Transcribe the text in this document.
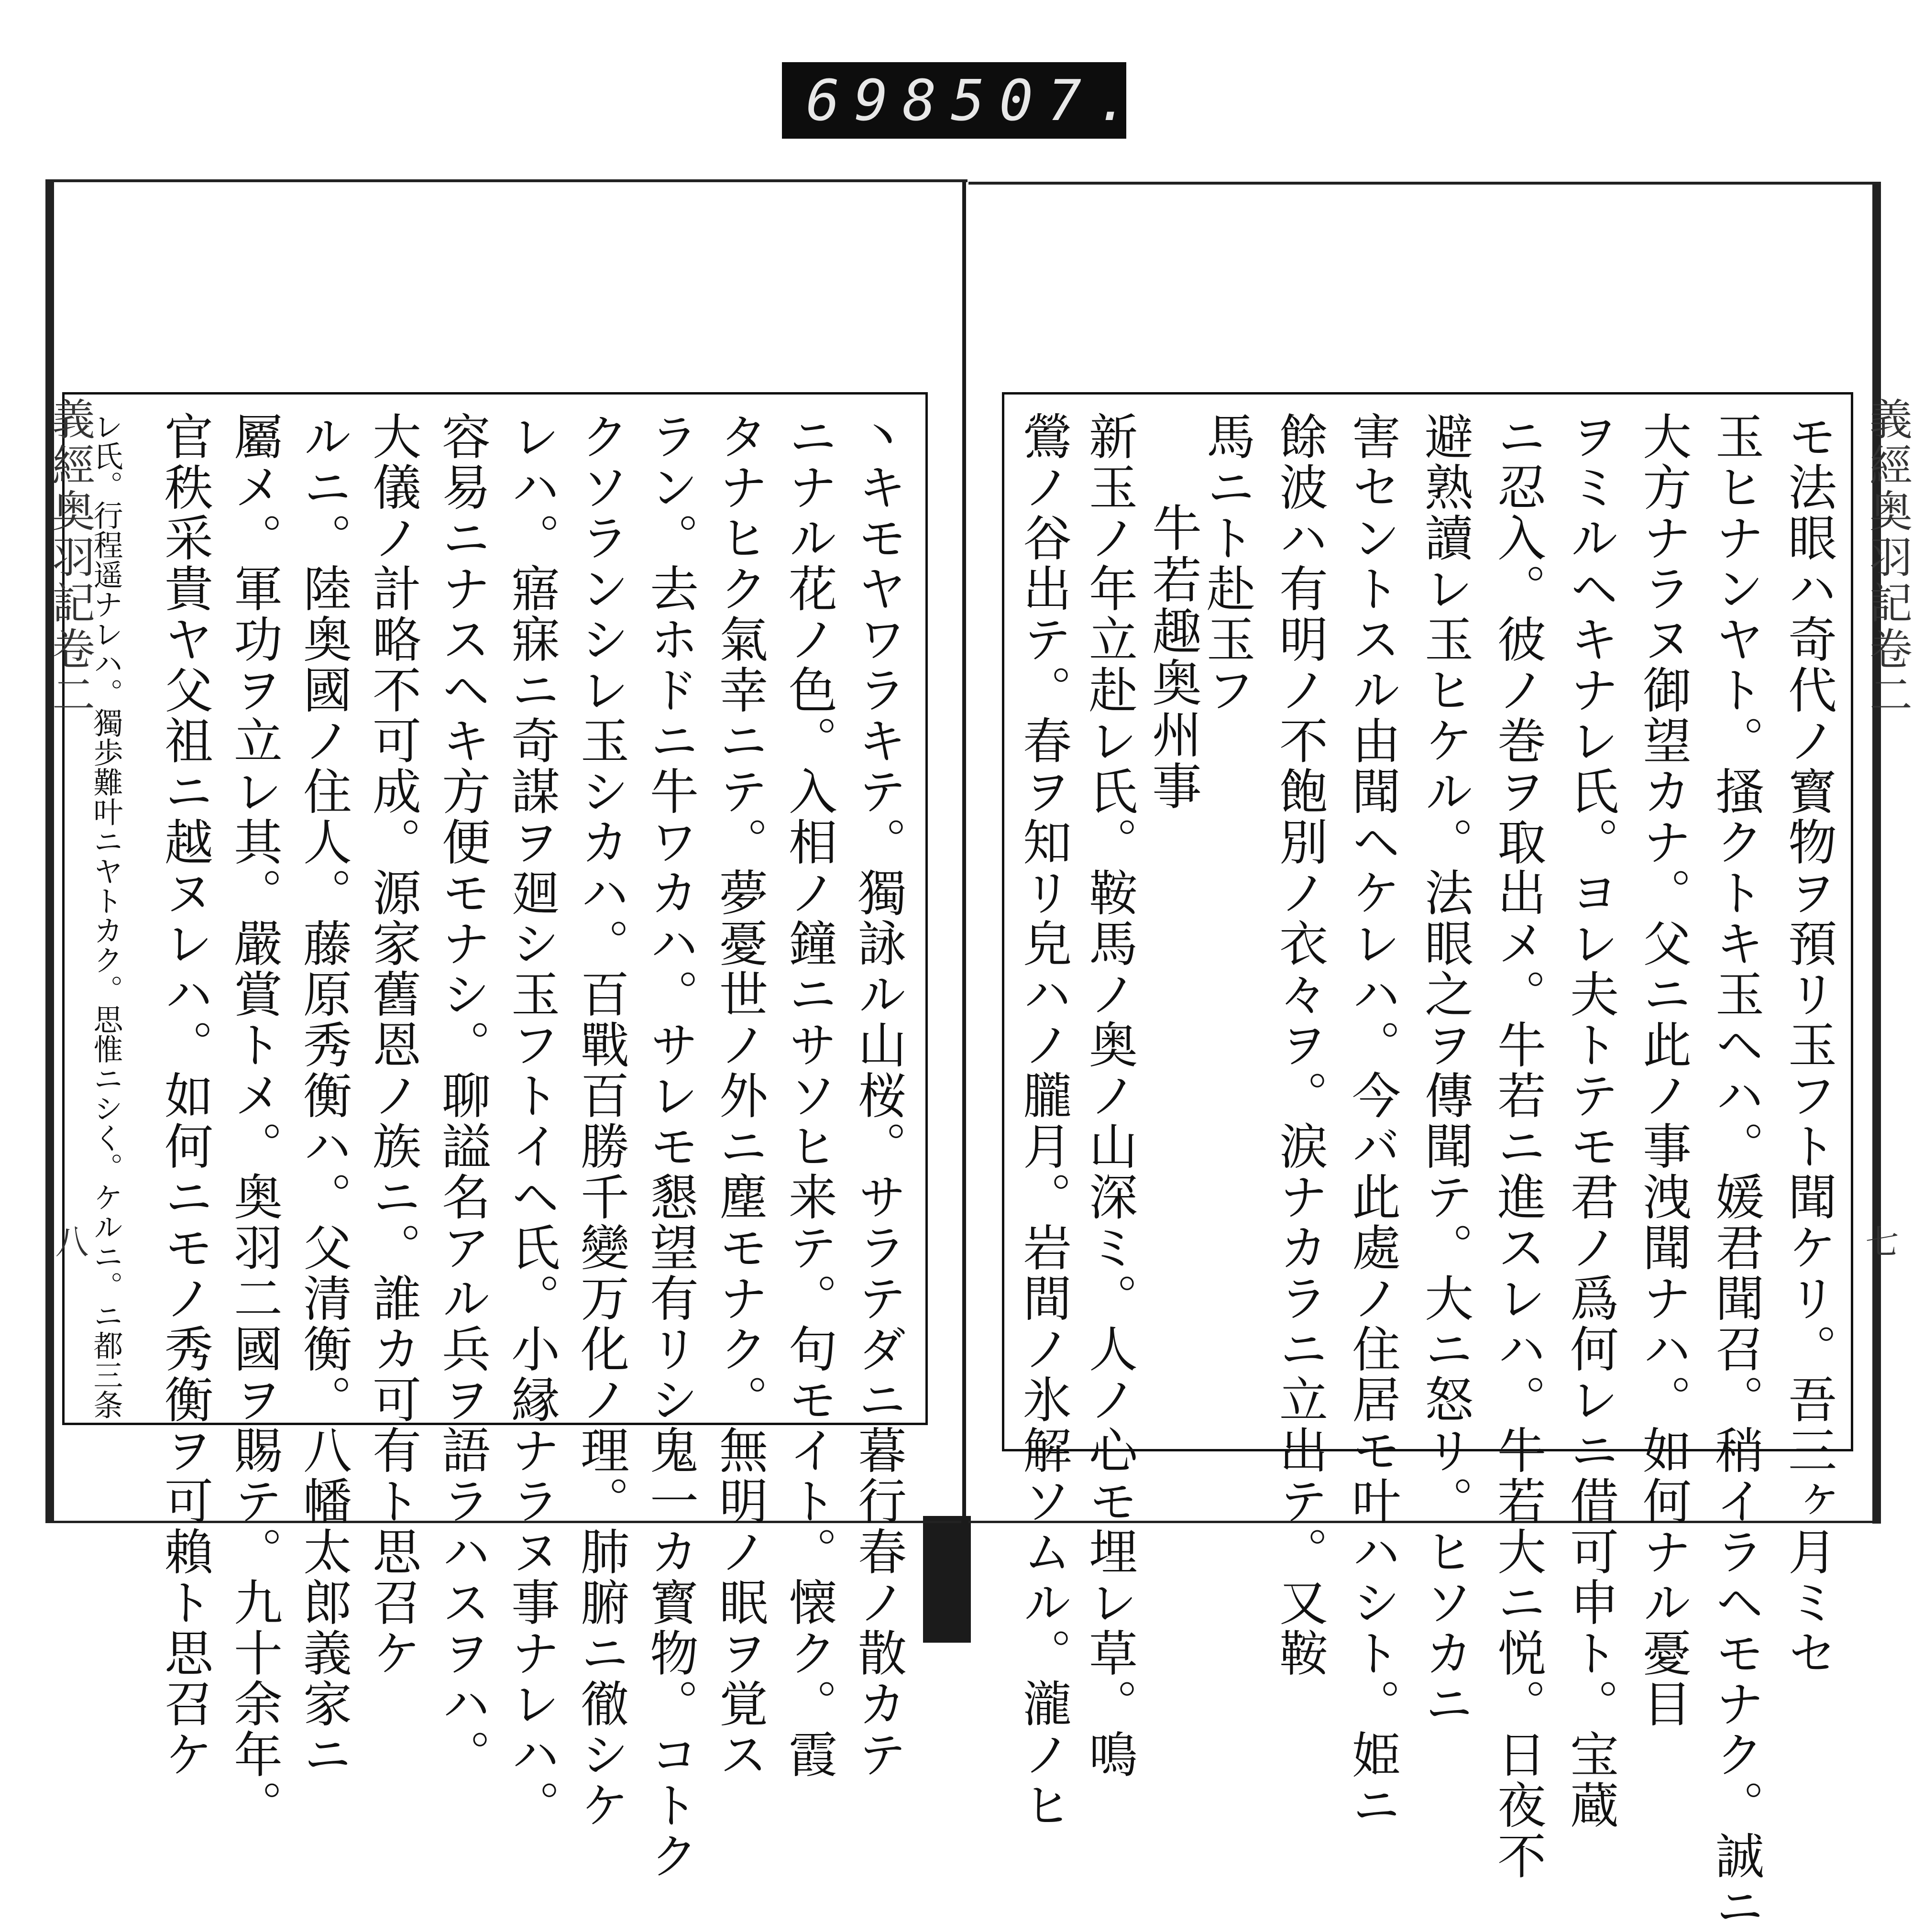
698 507.
義經奥羽記卷二	義經奥羽記卷二
八	七
モ法眼ハ奇代ノ寳物ヲ預リ玉フト聞ケリ。吾三ヶ月ミセ
玉ヒナンヤト。搔クトキ玉ヘハ。媛君聞召。稍イラヘモナク。誠ニ
大方ナラヌ御望カナ。父ニ此ノ事洩聞ナハ。如何ナル憂目
ヲミルヘキナレ氏。ヨレ夫トテモ君ノ爲何レニ借可申ト。宝蔵
ニ忍入。彼ノ巻ヲ取出メ。牛若ニ進スレハ。牛若大ニ悦。日夜不
避熟讀レ玉ヒケル。法眼之ヲ傳聞テ。大ニ怒リ。ヒソカニ
害セントスル由聞ヘケレハ。今バ此處ノ住居モ叶ハシト。姫ニ
餘波ハ有明ノ不飽別ノ衣々ヲ。涙ナカラニ立出テ。又鞍
馬ニト赴玉フ
牛若趣奥州事
新玉ノ年立赴レ氏。鞍馬ノ奥ノ山深ミ。人ノ心モ埋レ草。鳴
鶯ノ谷出テ。春ヲ知リ皃ハノ朧月。岩間ノ氷解ソムル。瀧ノヒ
丶キモヤワラキテ。獨詠ル山桜。サラテダニ暮行春ノ散カテ
ニナル花ノ色。入相ノ鐘ニサソヒ来テ。句モイト。懐ク。霞
タナヒク氣幸ニテ。夢憂世ノ外ニ塵モナク。無明ノ眠ヲ覚ス
ラン。去ホドニ牛ワカハ。サレモ懇望有リシ鬼一カ寳物。コトク
クソランシレ玉シカハ。百戰百勝千變万化ノ理。肺腑ニ徹シケ
レハ。寤寐ニ奇謀ヲ廻シ玉フトイヘ氏。小縁ナラヌ事ナレハ。
容易ニナスヘキ方便モナシ。聊謚名アル兵ヲ語ラハスヲハ。
大儀ノ計略不可成。源家舊恩ノ族ニ。誰カ可有ト思召ケ
ルニ。陸奥國ノ住人。藤原秀衡ハ。父清衡。八幡太郎義家ニ
屬メ。軍功ヲ立レ其。嚴賞トメ。奥羽二國ヲ賜テ。九十余年。
官秩采貴ヤ父祖ニ越ヌレハ。如何ニモノ秀衡ヲ可賴ト思召ケ
レ氏。行程遥ナレハ。獨歩難叶ニヤトカク。思惟ニシく。ケルニ。ニ都三条
